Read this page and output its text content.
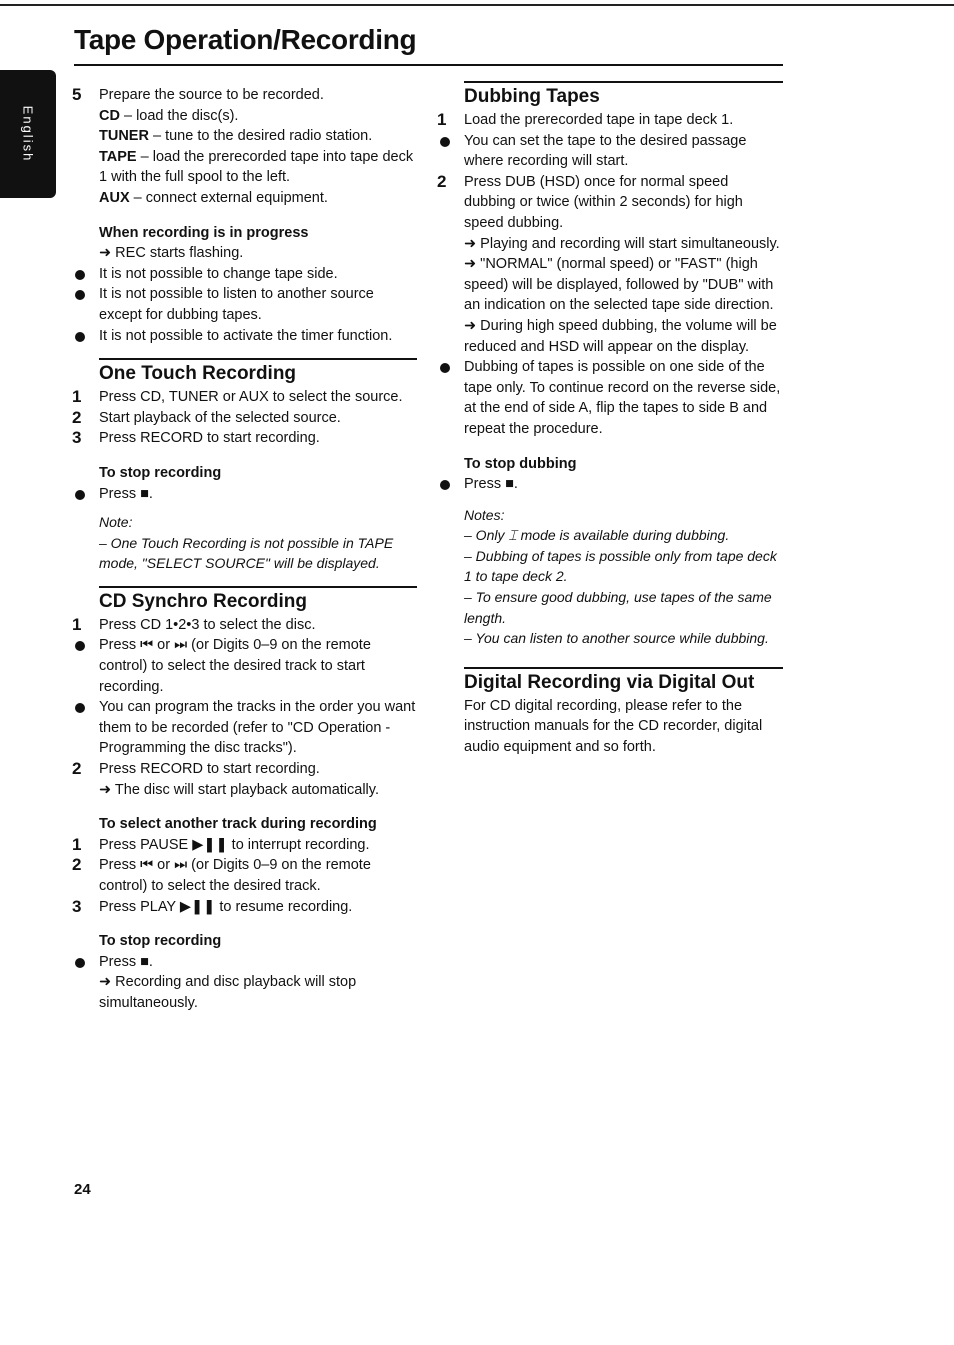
Tape Operation/Recording
English
5 Prepare the source to be recorded.

CD – load the disc(s).

TUNER – tune to the desired radio station.

TAPE – load the prerecorded tape into tape deck 1 with the full spool to the left.

AUX – connect external equipment.

When recording is in progress

➜ REC starts flashing.

It is not possible to change tape side.

It is not possible to listen to another source except for dubbing tapes.

It is not possible to activate the timer function.

One Touch Recording

1 Press CD, TUNER or AUX to select the source.

2 Start playback of the selected source.

3 Press RECORD to start recording.

To stop recording

Press ■.

Note:

– One Touch Recording is not possible in TAPE mode, "SELECT SOURCE" will be displayed.

CD Synchro Recording

1 Press CD 1•2•3 to select the disc.

Press ⏮ or ⏭ (or Digits 0–9 on the remote control) to select the desired track to start recording.

You can program the tracks in the order you want them to be recorded (refer to "CD Operation - Programming the disc tracks").

2 Press RECORD to start recording.

➜ The disc will start playback automatically.

To select another track during recording

1 Press PAUSE ▶❚❚ to interrupt recording.

2 Press ⏮ or ⏭ (or Digits 0–9 on the remote control) to select the desired track.

3 Press PLAY ▶❚❚ to resume recording.

To stop recording

Press ■.

➜ Recording and disc playback will stop simultaneously.

Dubbing Tapes

1 Load the prerecorded tape in tape deck 1.

You can set the tape to the desired passage where recording will start.

2 Press DUB (HSD) once for normal speed dubbing or twice (within 2 seconds) for high speed dubbing.

➜ Playing and recording will start simultaneously.

➜ "NORMAL" (normal speed) or "FAST" (high speed) will be displayed, followed by "DUB" with an indication on the selected tape side direction.

➜ During high speed dubbing, the volume will be reduced and HSD will appear on the display.

Dubbing of tapes is possible on one side of the tape only. To continue record on the reverse side, at the end of side A, flip the tapes to side B and repeat the procedure.

To stop dubbing

Press ■.

Notes:

– Only ⌶ mode is available during dubbing.

– Dubbing of tapes is possible only from tape deck 1 to tape deck 2.

– To ensure good dubbing, use tapes of the same length.

– You can listen to another source while dubbing.

Digital Recording via Digital Out

For CD digital recording, please refer to the instruction manuals for the CD recorder, digital audio equipment and so forth.

24
